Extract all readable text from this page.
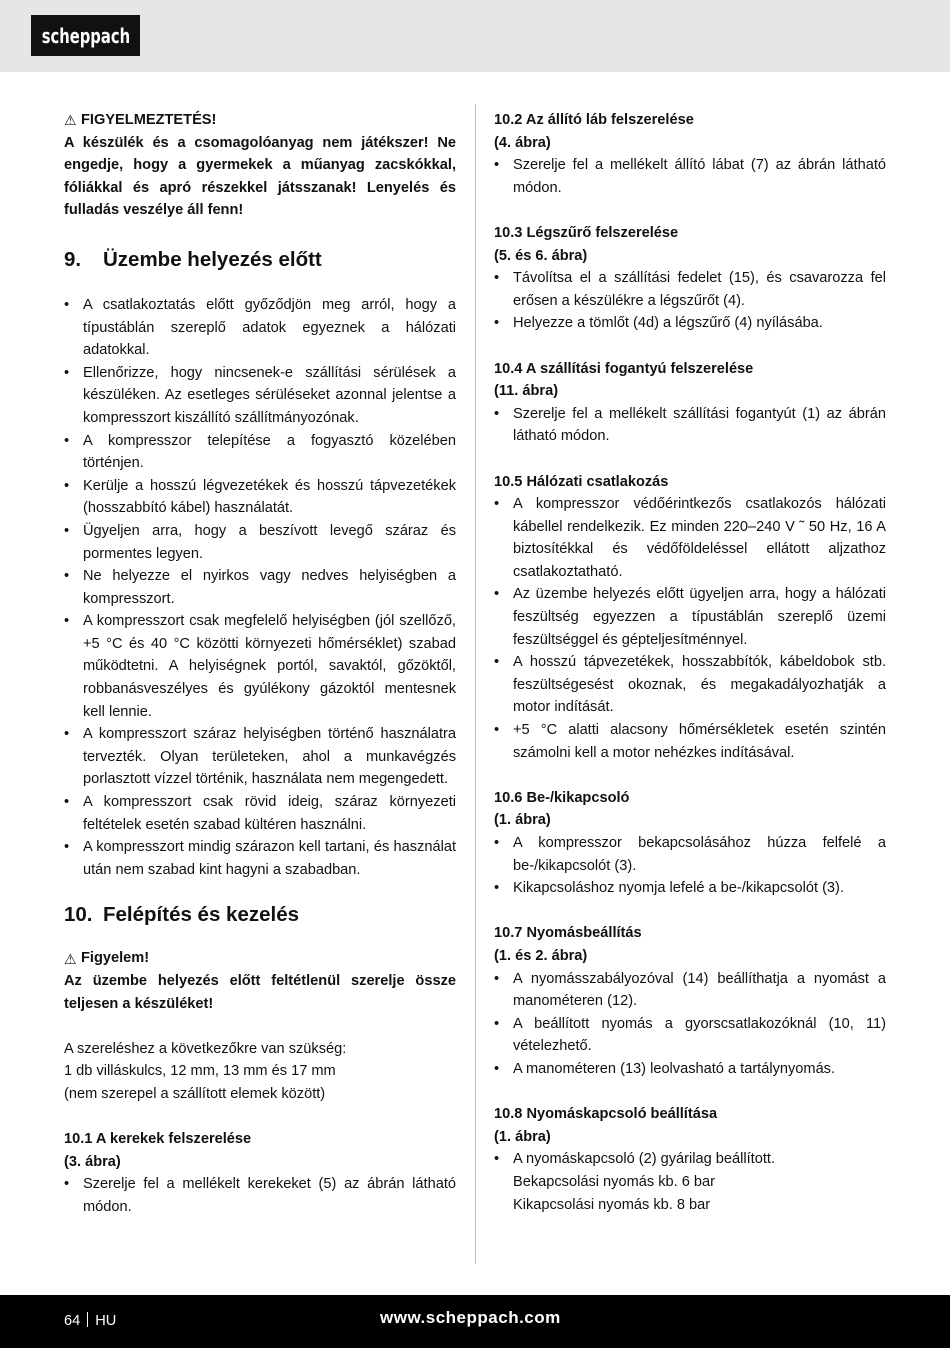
scheppach
⚠ FIGYELMEZTETÉS!

A készülék és a csomagolóanyag nem játékszer! Ne engedje, hogy a gyermekek a műanyag zacskókkal, fóliákkal és apró részekkel játsszanak! Lenyelés és fulladás veszélye áll fenn!

9.	Üzembe helyezés előtt
• A csatlakoztatás előtt győződjön meg arról, hogy a típustáblán szereplő adatok egyeznek a hálózati adatokkal.
• Ellenőrizze, hogy nincsenek-e szállítási sérülések a készüléken. Az esetleges sérüléseket azonnal jelentse a kompresszort kiszállító szállítmányozónak.
• A kompresszor telepítése a fogyasztó közelében történjen.
• Kerülje a hosszú légvezetékek és hosszú tápvezetékek (hosszabbító kábel) használatát.
• Ügyeljen arra, hogy a beszívott levegő száraz és pormentes legyen.
• Ne helyezze el nyirkos vagy nedves helyiségben a kompresszort.
• A kompresszort csak megfelelő helyiségben (jól szellőző, +5 °C és 40 °C közötti környezeti hőmérséklet) szabad működtetni. A helyiségnek portól, savaktól, gőzöktől, robbanásveszélyes és gyúlékony gázoktól mentesnek kell lennie.
• A kompresszort száraz helyiségben történő használatra tervezték. Olyan területeken, ahol a munkavégzés porlasztott vízzel történik, használata nem megengedett.
• A kompresszort csak rövid ideig, száraz környezeti feltételek esetén szabad kültéren használni.
• A kompresszort mindig szárazon kell tartani, és használat után nem szabad kint hagyni a szabadban.
10. Felépítés és kezelés
⚠ Figyelem!

Az üzembe helyezés előtt feltétlenül szerelje össze teljesen a készüléket!

A szereléshez a következőkre van szükség:

1 db villáskulcs, 12 mm, 13 mm és 17 mm

(nem szerepel a szállított elemek között)

10.1 A kerekek felszerelése

(3. ábra)

• Szerelje fel a mellékelt kerekeket (5) az ábrán látható módon.

10.2 Az állító láb felszerelése

(4. ábra)

• Szerelje fel a mellékelt állító lábat (7) az ábrán látható módon.

10.3 Légszűrő felszerelése

(5. és 6. ábra)

• Távolítsa el a szállítási fedelet (15), és csavarozza fel erősen a készülékre a légszűrőt (4).
• Helyezze a tömlőt (4d) a légszűrő (4) nyílásába.

10.4 A szállítási fogantyú felszerelése

(11. ábra)

• Szerelje fel a mellékelt szállítási fogantyút (1) az ábrán látható módon.

10.5 Hálózati csatlakozás

• A kompresszor védőérintkezős csatlakozós hálózati kábellel rendelkezik. Ez minden 220–240 V ˜ 50 Hz, 16 A biztosítékkal és védőföldeléssel ellátott aljzathoz csatlakoztatható.
• Az üzembe helyezés előtt ügyeljen arra, hogy a hálózati feszültség egyezzen a típustáblán szereplő üzemi feszültséggel és gépteljesítménnyel.
• A hosszú tápvezetékek, hosszabbítók, kábeldobok stb. feszültségesést okoznak, és megakadályozhatják a motor indítását.
• +5 °C alatti alacsony hőmérsékletek esetén szintén számolni kell a motor nehézkes indításával.

10.6 Be-/kikapcsoló

(1. ábra)

• A kompresszor bekapcsolásához húzza felfelé a be-/kikapcsolót (3).
• Kikapcsoláshoz nyomja lefelé a be-/kikapcsolót (3).

10.7 Nyomásbeállítás

(1. és 2. ábra)

• A nyomásszabályozóval (14) beállíthatja a nyomást a manométeren (12).
• A beállított nyomás a gyorscsatlakozóknál (10, 11) vételezhető.
• A manométeren (13) leolvasható a tartálynyomás.

10.8 Nyomáskapcsoló beállítása

(1. ábra)

• A nyomáskapcsoló (2) gyárilag beállított.

Bekapcsolási nyomás kb. 6 bar

Kikapcsolási nyomás kb. 8 bar

64 HU	www.scheppach.com
